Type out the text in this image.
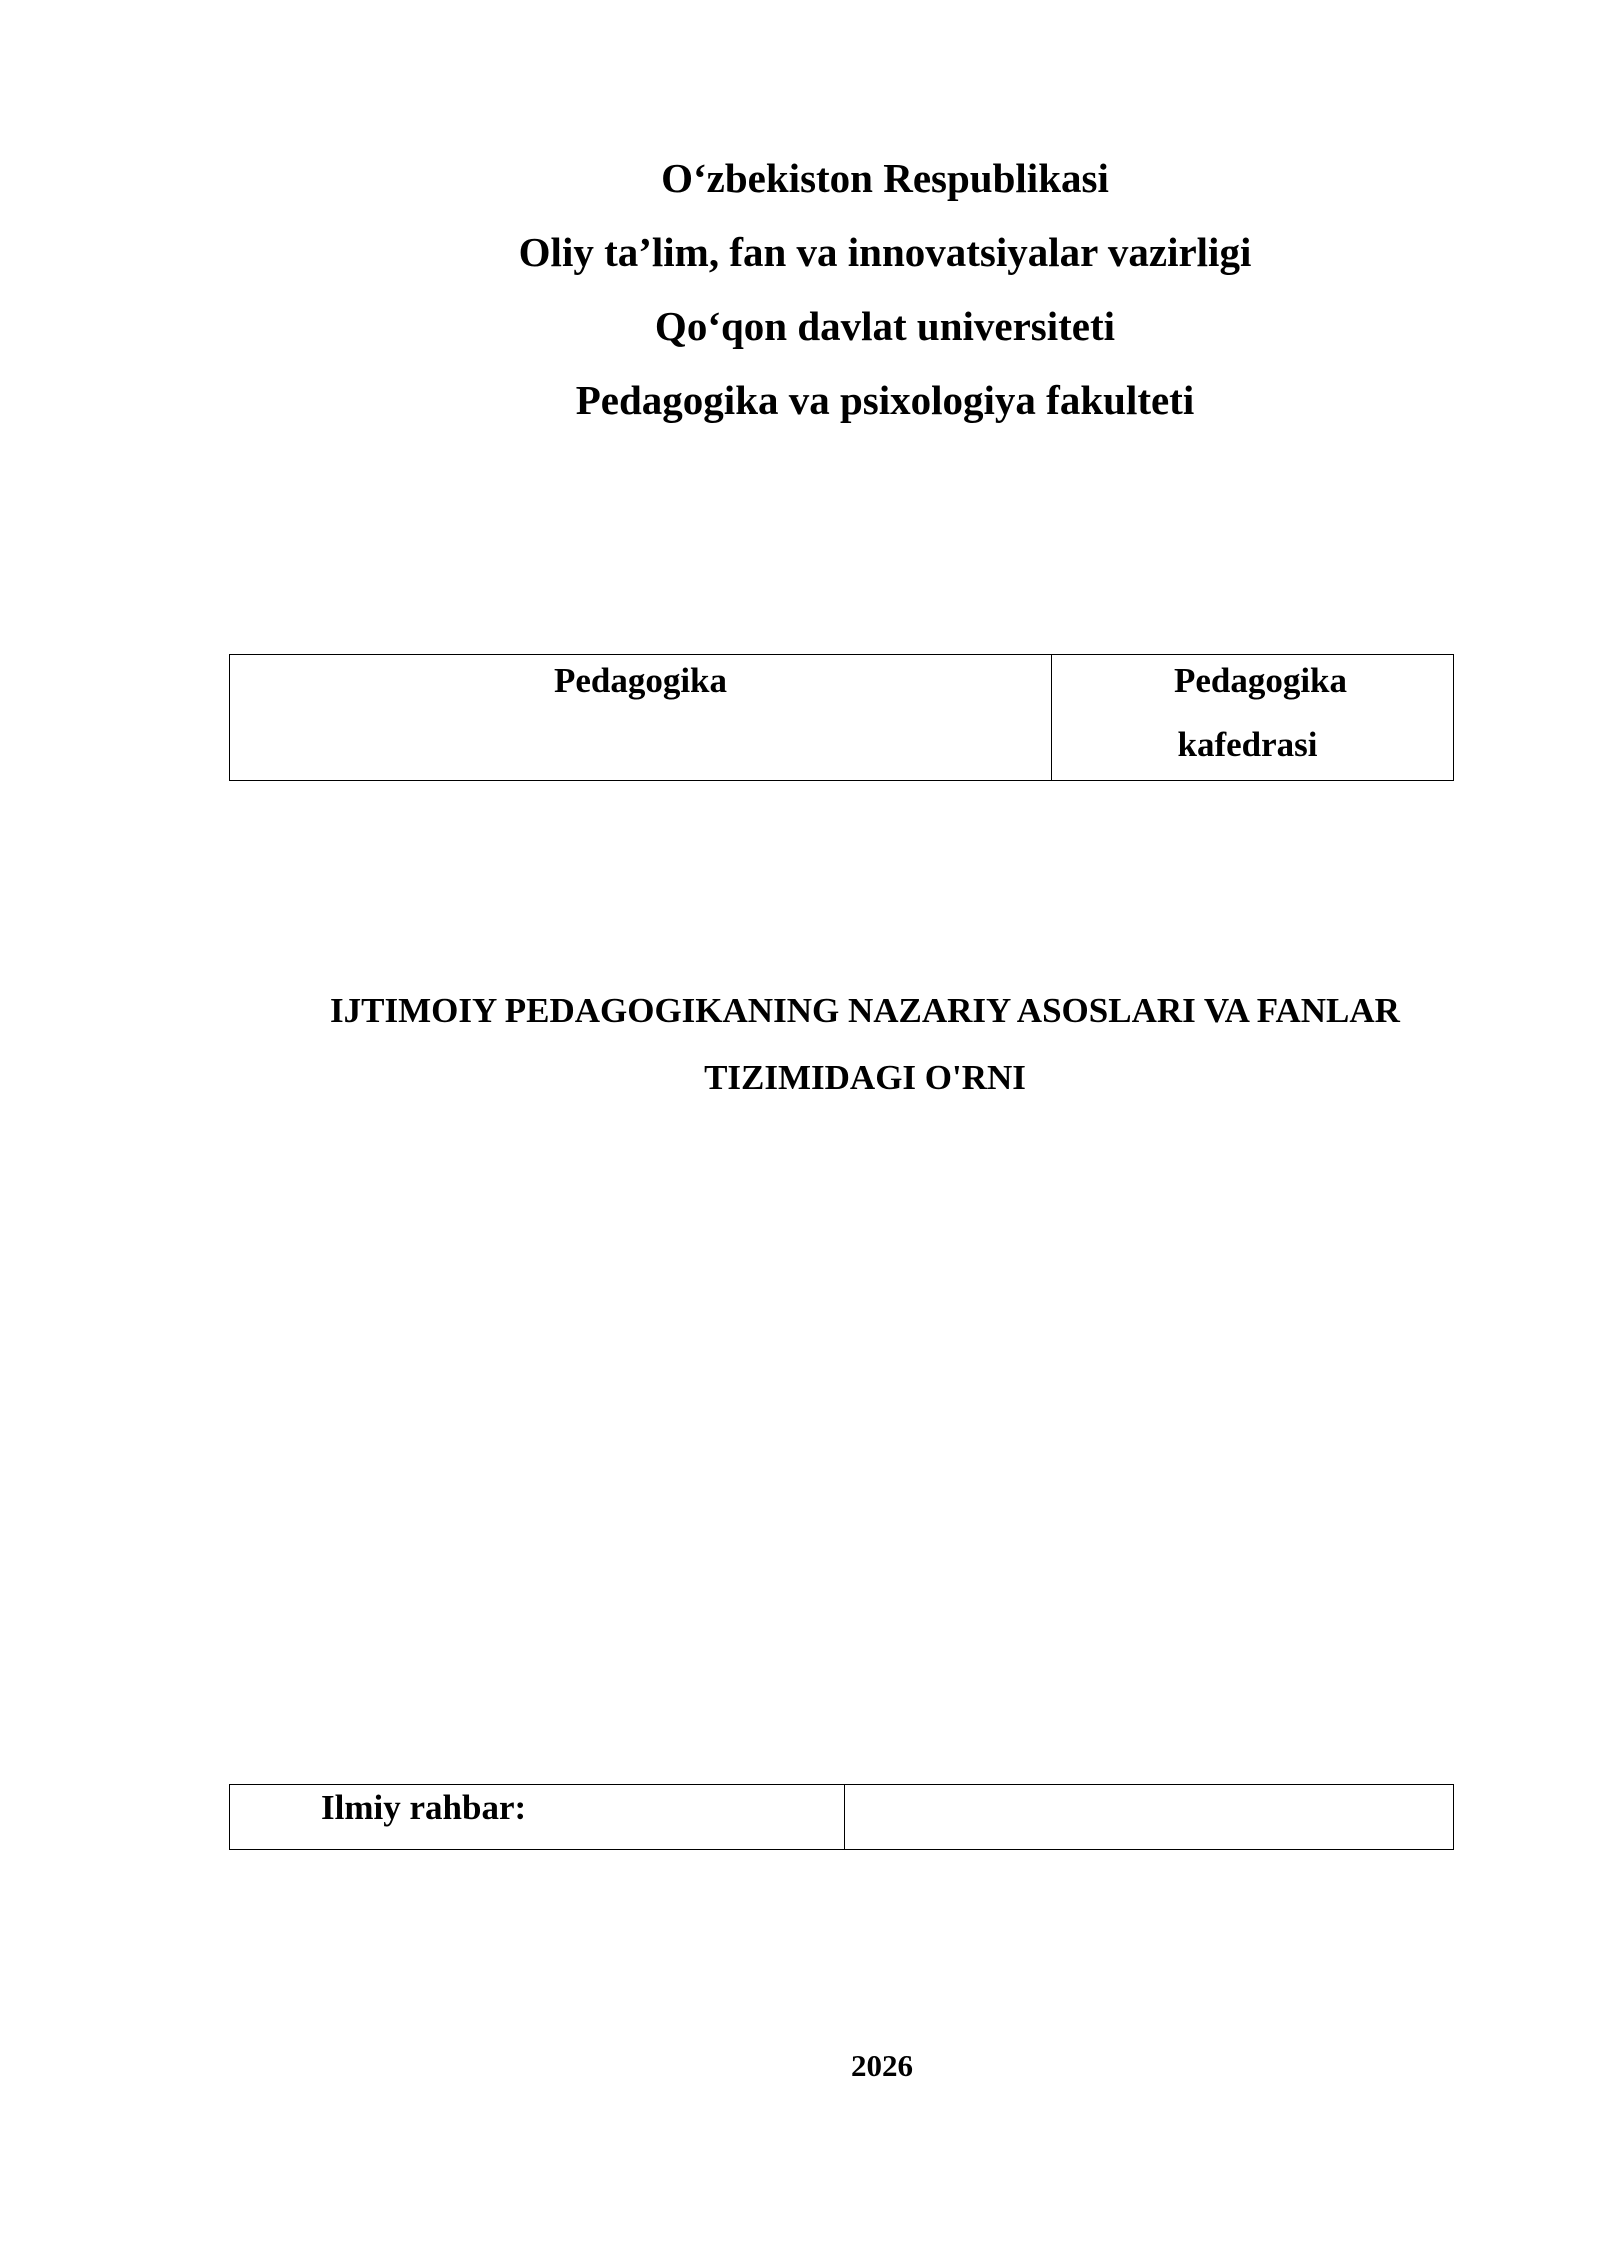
O‘zbekiston Respublikasi
Oliy ta’lim, fan va innovatsiyalar vazirligi
Qo‘qon davlat universiteti
Pedagogika va psixologiya fakulteti
Pedagogika	Pedagogika
kafedrasi
IJTIMOIY PEDAGOGIKANING NAZARIY ASOSLARI VA FANLAR
TIZIMIDAGI O'RNI
Ilmiy rahbar:
2026
